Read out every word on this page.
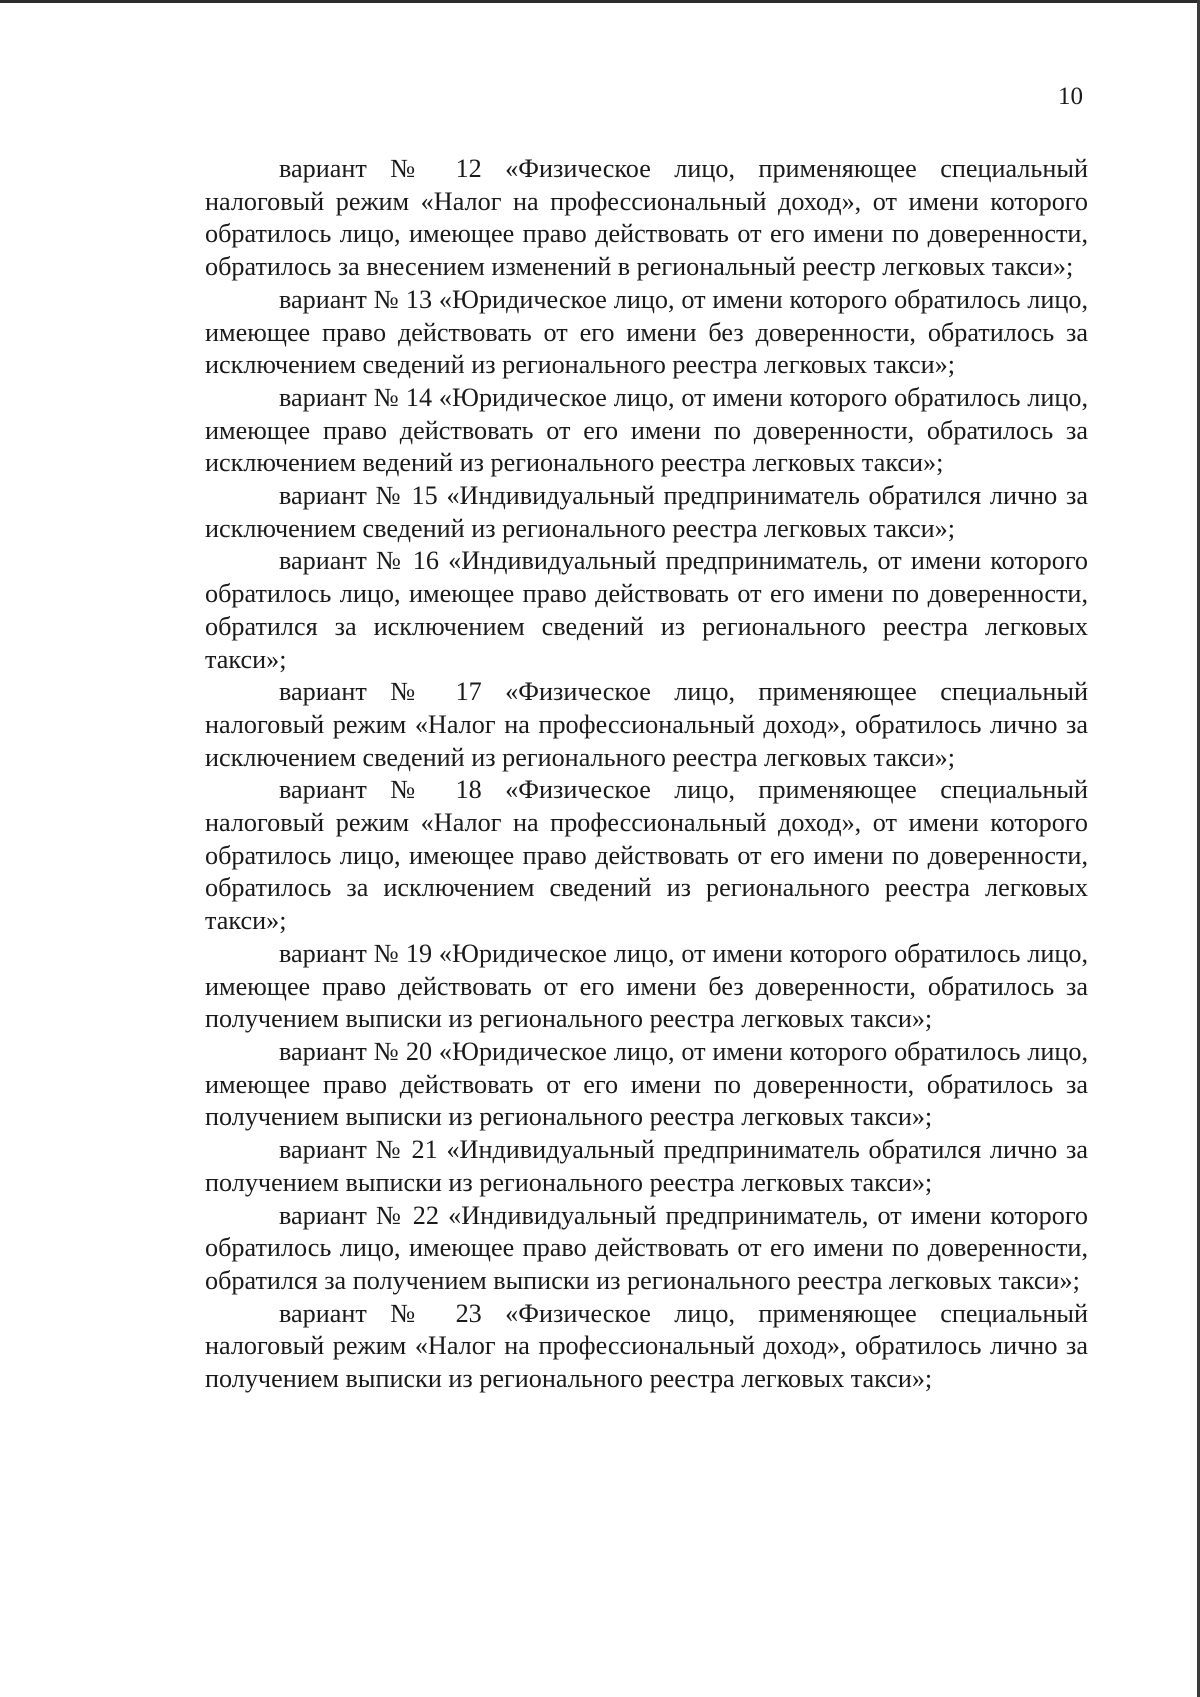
10

вариант № 12 «Физическое лицо, применяющее специальный налоговый режим «Налог на профессиональный доход», от имени которого обратилось лицо, имеющее право действовать от его имени по доверенности, обратилось за внесением изменений в региональный реестр легковых такси»;

вариант № 13 «Юридическое лицо, от имени которого обратилось лицо, имеющее право действовать от его имени без доверенности, обратилось за исключением сведений из регионального реестра легковых такси»;

вариант № 14 «Юридическое лицо, от имени которого обратилось лицо, имеющее право действовать от его имени по доверенности, обратилось за исключением ведений из регионального реестра легковых такси»;

вариант № 15 «Индивидуальный предприниматель обратился лично за исключением сведений из регионального реестра легковых такси»;

вариант № 16 «Индивидуальный предприниматель, от имени которого обратилось лицо, имеющее право действовать от его имени по доверенности, обратился за исключением сведений из регионального реестра легковых такси»;

вариант № 17 «Физическое лицо, применяющее специальный налоговый режим «Налог на профессиональный доход», обратилось лично за исключением сведений из регионального реестра легковых такси»;

вариант № 18 «Физическое лицо, применяющее специальный налоговый режим «Налог на профессиональный доход», от имени которого обратилось лицо, имеющее право действовать от его имени по доверенности, обратилось за исключением сведений из регионального реестра легковых такси»;

вариант № 19 «Юридическое лицо, от имени которого обратилось лицо, имеющее право действовать от его имени без доверенности, обратилось за получением выписки из регионального реестра легковых такси»;

вариант № 20 «Юридическое лицо, от имени которого обратилось лицо, имеющее право действовать от его имени по доверенности, обратилось за получением выписки из регионального реестра легковых такси»;

вариант № 21 «Индивидуальный предприниматель обратился лично за получением выписки из регионального реестра легковых такси»;

вариант № 22 «Индивидуальный предприниматель, от имени которого обратилось лицо, имеющее право действовать от его имени по доверенности, обратился за получением выписки из регионального реестра легковых такси»;

вариант № 23 «Физическое лицо, применяющее специальный налоговый режим «Налог на профессиональный доход», обратилось лично за получением выписки из регионального реестра легковых такси»;
